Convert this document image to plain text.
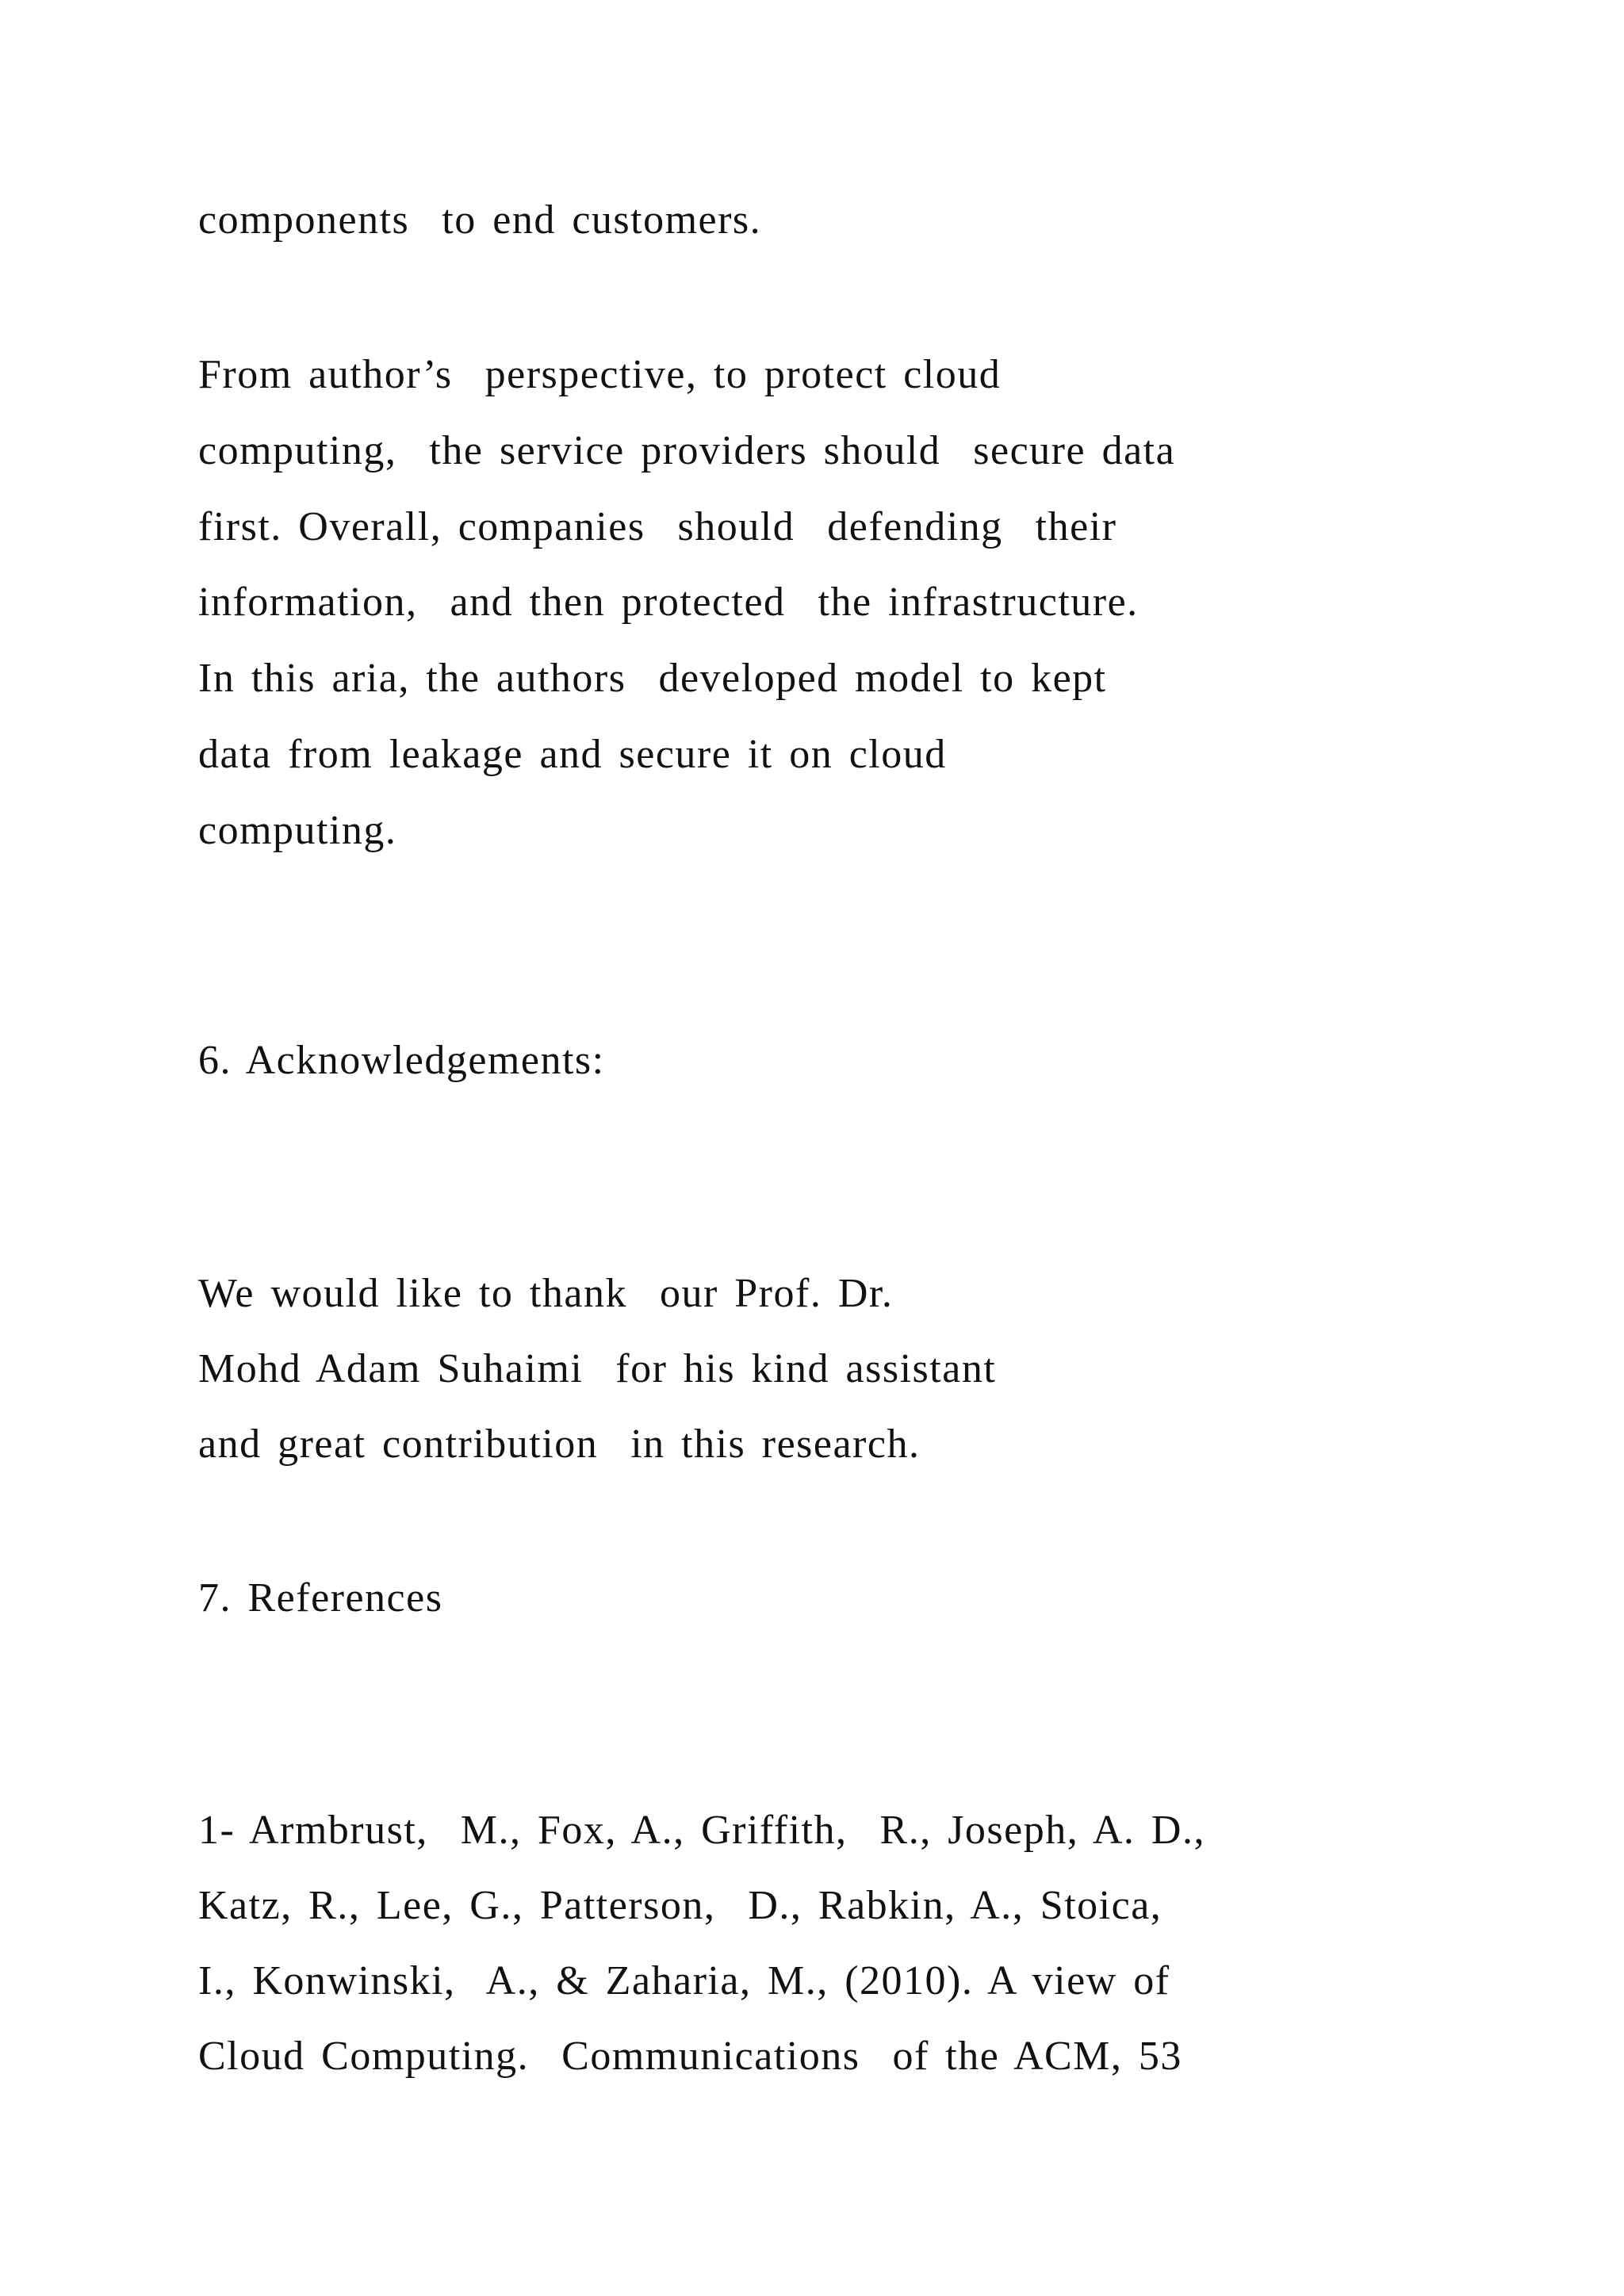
components  to end customers.
From author’s  perspective, to protect cloud
computing,  the service providers should  secure data
first. Overall, companies  should  defending  their
information,  and then protected  the infrastructure.
In this aria, the authors  developed model to kept
data from leakage and secure it on cloud
computing.
6. Acknowledgements:
We would like to thank  our Prof. Dr.
Mohd Adam Suhaimi  for his kind assistant
and great contribution  in this research.
7. References
1- Armbrust,  M., Fox, A., Griffith,  R., Joseph, A. D.,
Katz, R., Lee, G., Patterson,  D., Rabkin, A., Stoica,
I., Konwinski,  A., & Zaharia, M., (2010). A view of
Cloud Computing.  Communications  of the ACM, 53
